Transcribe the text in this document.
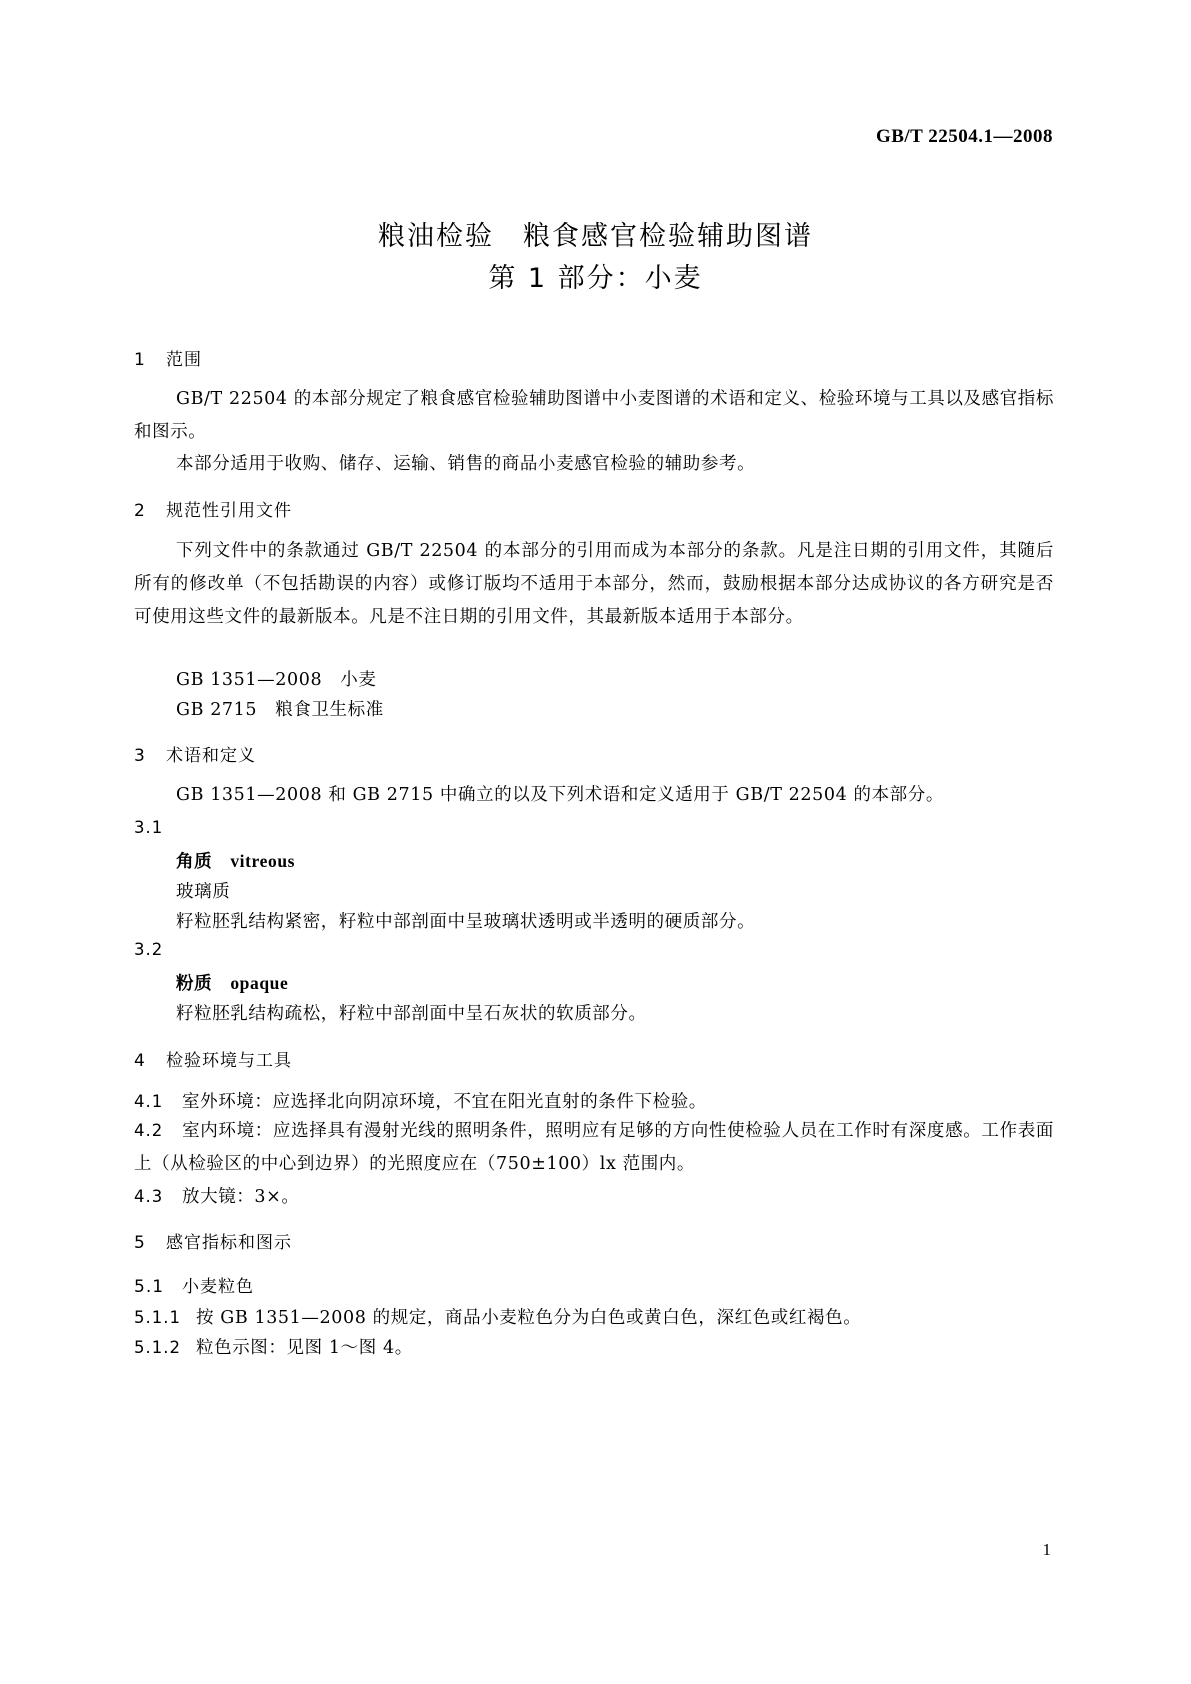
GB/T 22504.1—2008
粮油检验　粮食感官检验辅助图谱
第 1 部分：小麦
1 范围
GB/T 22504 的本部分规定了粮食感官检验辅助图谱中小麦图谱的术语和定义、检验环境与工具以及感官指标和图示。
本部分适用于收购、储存、运输、销售的商品小麦感官检验的辅助参考。
2 规范性引用文件
下列文件中的条款通过 GB/T 22504 的本部分的引用而成为本部分的条款。凡是注日期的引用文件，其随后所有的修改单（不包括勘误的内容）或修订版均不适用于本部分，然而，鼓励根据本部分达成协议的各方研究是否可使用这些文件的最新版本。凡是不注日期的引用文件，其最新版本适用于本部分。
GB 1351—2008　 小麦
GB 2715　 粮食卫生标准
3 术语和定义
GB 1351—2008 和 GB 2715 中确立的以及下列术语和定义适用于 GB/T 22504 的本部分。
3.1
角质　 vitreous
玻璃质
籽粒胚乳结构紧密，籽粒中部剖面中呈玻璃状透明或半透明的硬质部分。
3.2
粉质　 opaque
籽粒胚乳结构疏松，籽粒中部剖面中呈石灰状的软质部分。
4 检验环境与工具
4.1 室外环境：应选择北向阴凉环境，不宜在阳光直射的条件下检验。
4.2 室内环境：应选择具有漫射光线的照明条件，照明应有足够的方向性使检验人员在工作时有深度感。工作表面上（从检验区的中心到边界）的光照度应在（750±100）lx 范围内。
4.3 放大镜：3×。
5 感官指标和图示
5.1 小麦粒色
5.1.1 按 GB 1351—2008 的规定，商品小麦粒色分为白色或黄白色，深红色或红褐色。
5.1.2 粒色示图：见图 1～图 4。
1
